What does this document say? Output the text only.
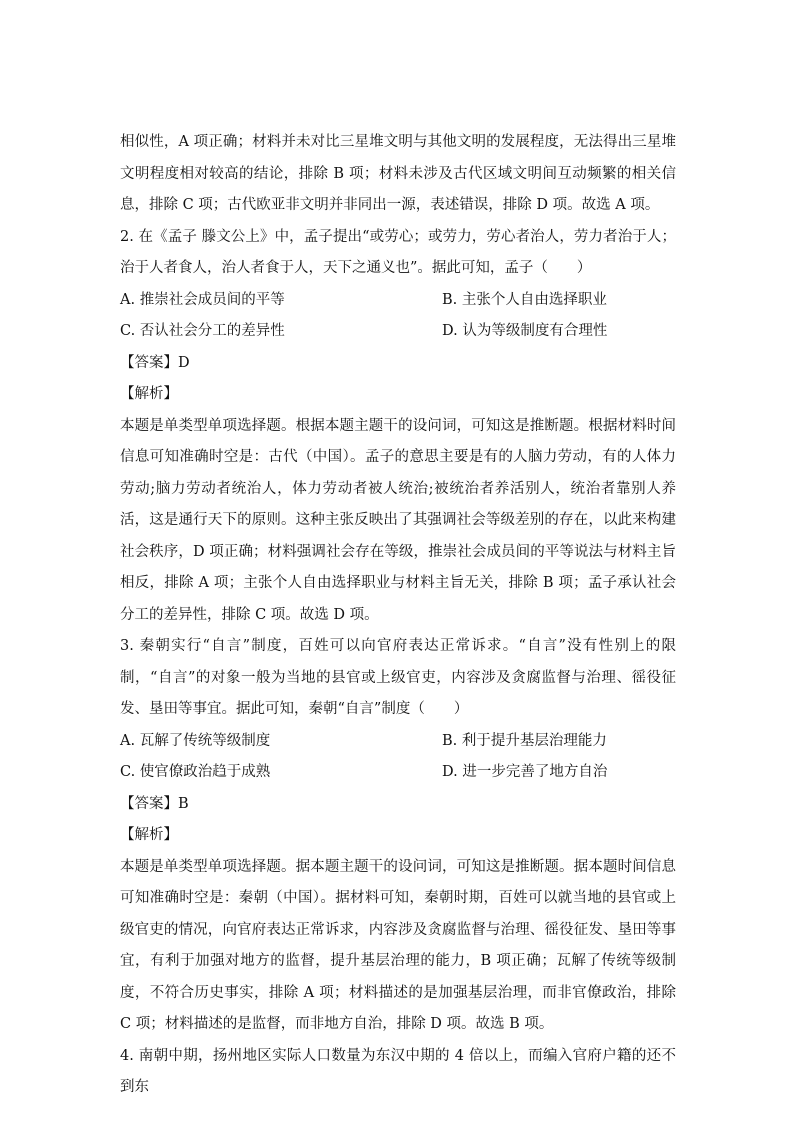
相似性，A 项正确；材料并未对比三星堆文明与其他文明的发展程度，无法得出三星堆文明程度相对较高的结论，排除 B 项；材料未涉及古代区域文明间互动频繁的相关信息，排除 C 项；古代欧亚非文明并非同出一源，表述错误，排除 D 项。故选 A 项。

2. 在《孟子 滕文公上》中，孟子提出“或劳心；或劳力，劳心者治人，劳力者治于人；治于人者食人，治人者食于人，天下之通义也”。据此可知，孟子（　　）

A. 推崇社会成员间的平等	B. 主张个人自由选择职业

C. 否认社会分工的差异性	D. 认为等级制度有合理性

【答案】D

【解析】

本题是单类型单项选择题。根据本题主题干的设问词，可知这是推断题。根据材料时间信息可知准确时空是：古代（中国）。孟子的意思主要是有的人脑力劳动，有的人体力劳动;脑力劳动者统治人，体力劳动者被人统治;被统治者养活别人，统治者靠别人养活，这是通行天下的原则。这种主张反映出了其强调社会等级差别的存在，以此来构建社会秩序，D 项正确；材料强调社会存在等级，推崇社会成员间的平等说法与材料主旨相反，排除 A 项；主张个人自由选择职业与材料主旨无关，排除 B 项；孟子承认社会分工的差异性，排除 C 项。故选 D 项。

3. 秦朝实行“自言”制度，百姓可以向官府表达正常诉求。“自言”没有性别上的限制，“自言”的对象一般为当地的县官或上级官吏，内容涉及贪腐监督与治理、徭役征发、垦田等事宜。据此可知，秦朝“自言”制度（　　）

A. 瓦解了传统等级制度	B. 利于提升基层治理能力

C. 使官僚政治趋于成熟	D. 进一步完善了地方自治

【答案】B

【解析】

本题是单类型单项选择题。据本题主题干的设问词，可知这是推断题。据本题时间信息可知准确时空是：秦朝（中国）。据材料可知，秦朝时期，百姓可以就当地的县官或上级官吏的情况，向官府表达正常诉求，内容涉及贪腐监督与治理、徭役征发、垦田等事宜，有利于加强对地方的监督，提升基层治理的能力，B 项正确；瓦解了传统等级制度，不符合历史事实，排除 A 项；材料描述的是加强基层治理，而非官僚政治，排除 C 项；材料描述的是监督，而非地方自治，排除 D 项。故选 B 项。

4. 南朝中期，扬州地区实际人口数量为东汉中期的 4 倍以上，而编入官府户籍的还不到东
